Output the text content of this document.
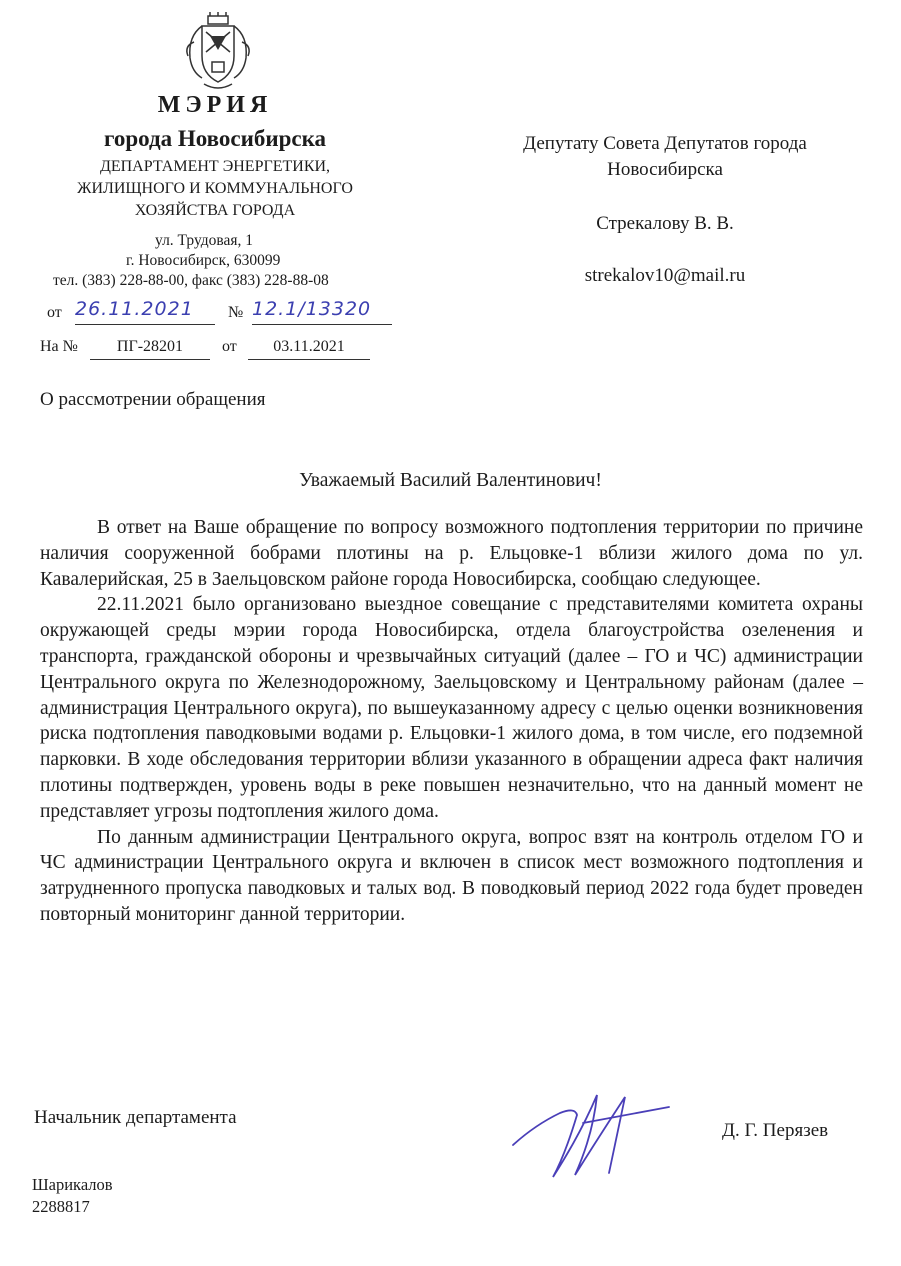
МЭРИЯ
города Новосибирска
ДЕПАРТАМЕНТ ЭНЕРГЕТИКИ,
ЖИЛИЩНОГО И КОММУНАЛЬНОГО
ХОЗЯЙСТВА ГОРОДА
ул. Трудовая, 1
г. Новосибирск, 630099
тел. (383) 228-88-00, факс (383) 228-88-08
от 26.11.2021	№ 12.1/13320
На №	ПГ-28201	от	03.11.2021
Депутату Совета Депутатов города
Новосибирска
Стрекалову В. В.
strekalov10@mail.ru
О рассмотрении обращения
Уважаемый Василий Валентинович!

В ответ на Ваше обращение по вопросу возможного подтопления территории по причине наличия сооруженной бобрами плотины на р. Ельцовке-1 вблизи жилого дома по ул. Кавалерийская, 25 в Заельцовском районе города Новосибирска, сообщаю следующее.

22.11.2021 было организовано выездное совещание с представителями комитета охраны окружающей среды мэрии города Новосибирска, отдела благоустройства озеленения и транспорта, гражданской обороны и чрезвычайных ситуаций (далее – ГО и ЧС) администрации Центрального округа по Железнодорожному, Заельцовскому и Центральному районам (далее – администрация Центрального округа), по вышеуказанному адресу с целью оценки возникновения риска подтопления паводковыми водами р. Ельцовки-1 жилого дома, в том числе, его подземной парковки. В ходе обследования территории вблизи указанного в обращении адреса факт наличия плотины подтвержден, уровень воды в реке повышен незначительно, что на данный момент не представляет угрозы подтопления жилого дома.

По данным администрации Центрального округа, вопрос взят на контроль отделом ГО и ЧС администрации Центрального округа и включен в список мест возможного подтопления и затрудненного пропуска паводковых и талых вод. В поводковый период 2022 года будет проведен повторный мониторинг данной территории.

Начальник департамента
Д. Г. Перязев
Шарикалов
2288817
